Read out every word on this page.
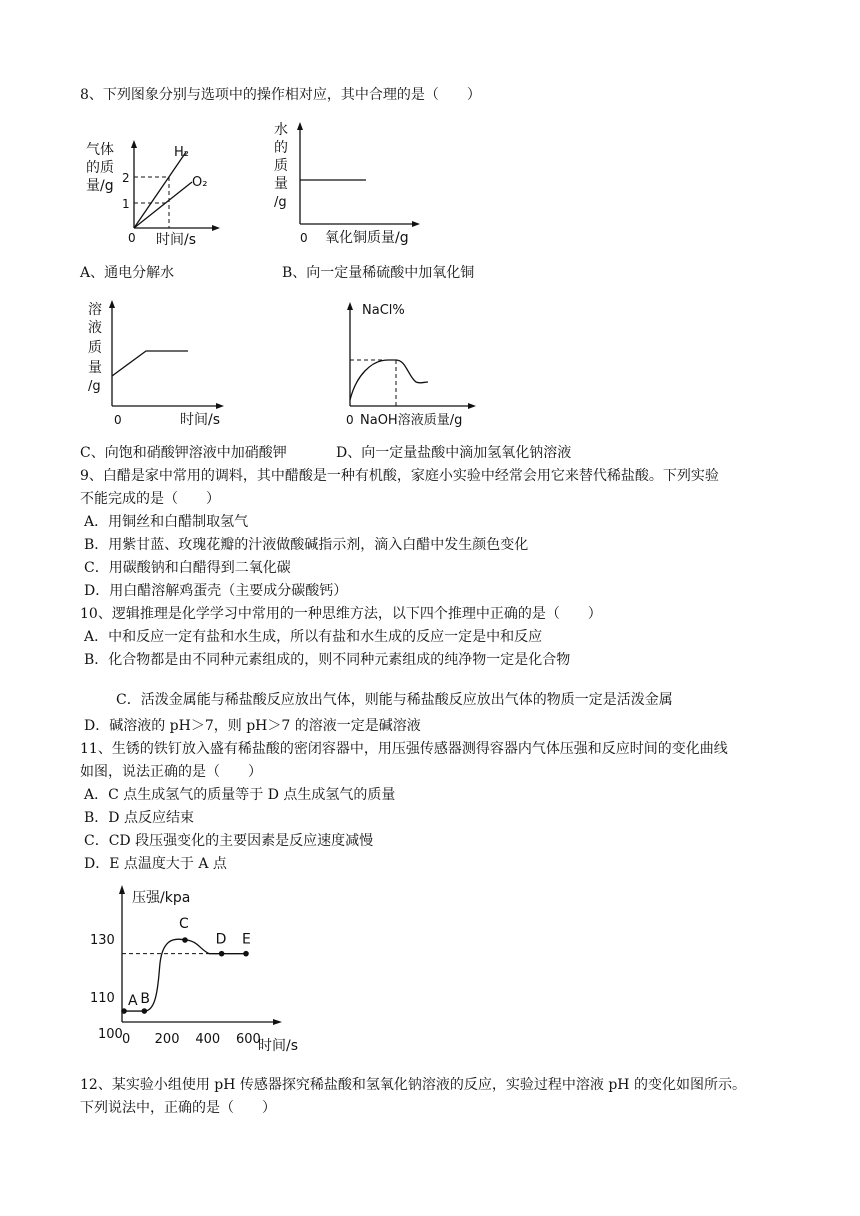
8、下列图象分别与选项中的操作相对应，其中合理的是（　　）
气体
的质
量/g 2
1
0 时间/s
H₂
O₂
水
的
质
量
/g
0 氧化铜质量/g
A、通电分解水	B、向一定量稀硫酸中加氧化铜
溶
液
质
量
/g
0	时间/s
NaCl%
0 NaOH溶液质量/g
C、向饱和硝酸钾溶液中加硝酸钾	D、向一定量盐酸中滴加氢氧化钠溶液
9、白醋是家中常用的调料，其中醋酸是一种有机酸，家庭小实验中经常会用它来替代稀盐酸。下列实验
不能完成的是（　　）
A．用铜丝和白醋制取氢气
B．用紫甘蓝、玫瑰花瓣的汁液做酸碱指示剂，滴入白醋中发生颜色变化
C．用碳酸钠和白醋得到二氧化碳
D．用白醋溶解鸡蛋壳（主要成分碳酸钙）
10、逻辑推理是化学学习中常用的一种思维方法，以下四个推理中正确的是（　　）
A．中和反应一定有盐和水生成，所以有盐和水生成的反应一定是中和反应
B．化合物都是由不同种元素组成的，则不同种元素组成的纯净物一定是化合物
C．活泼金属能与稀盐酸反应放出气体，则能与稀盐酸反应放出气体的物质一定是活泼金属
D．碱溶液的 pH＞7，则 pH＞7 的溶液一定是碱溶液
11、生锈的铁钉放入盛有稀盐酸的密闭容器中，用压强传感器测得容器内气体压强和反应时间的变化曲线
如图，说法正确的是（　　）
A．C 点生成氢气的质量等于 D 点生成氢气的质量
B．D 点反应结束
C．CD 段压强变化的主要因素是反应速度减慢
D．E 点温度大于 A 点
压强/kpa
时间/s
0 200 400 600
100
110
130
A B
C
D E
12、某实验小组使用 pH 传感器探究稀盐酸和氢氧化钠溶液的反应，实验过程中溶液 pH 的变化如图所示。
下列说法中，正确的是（　　）
